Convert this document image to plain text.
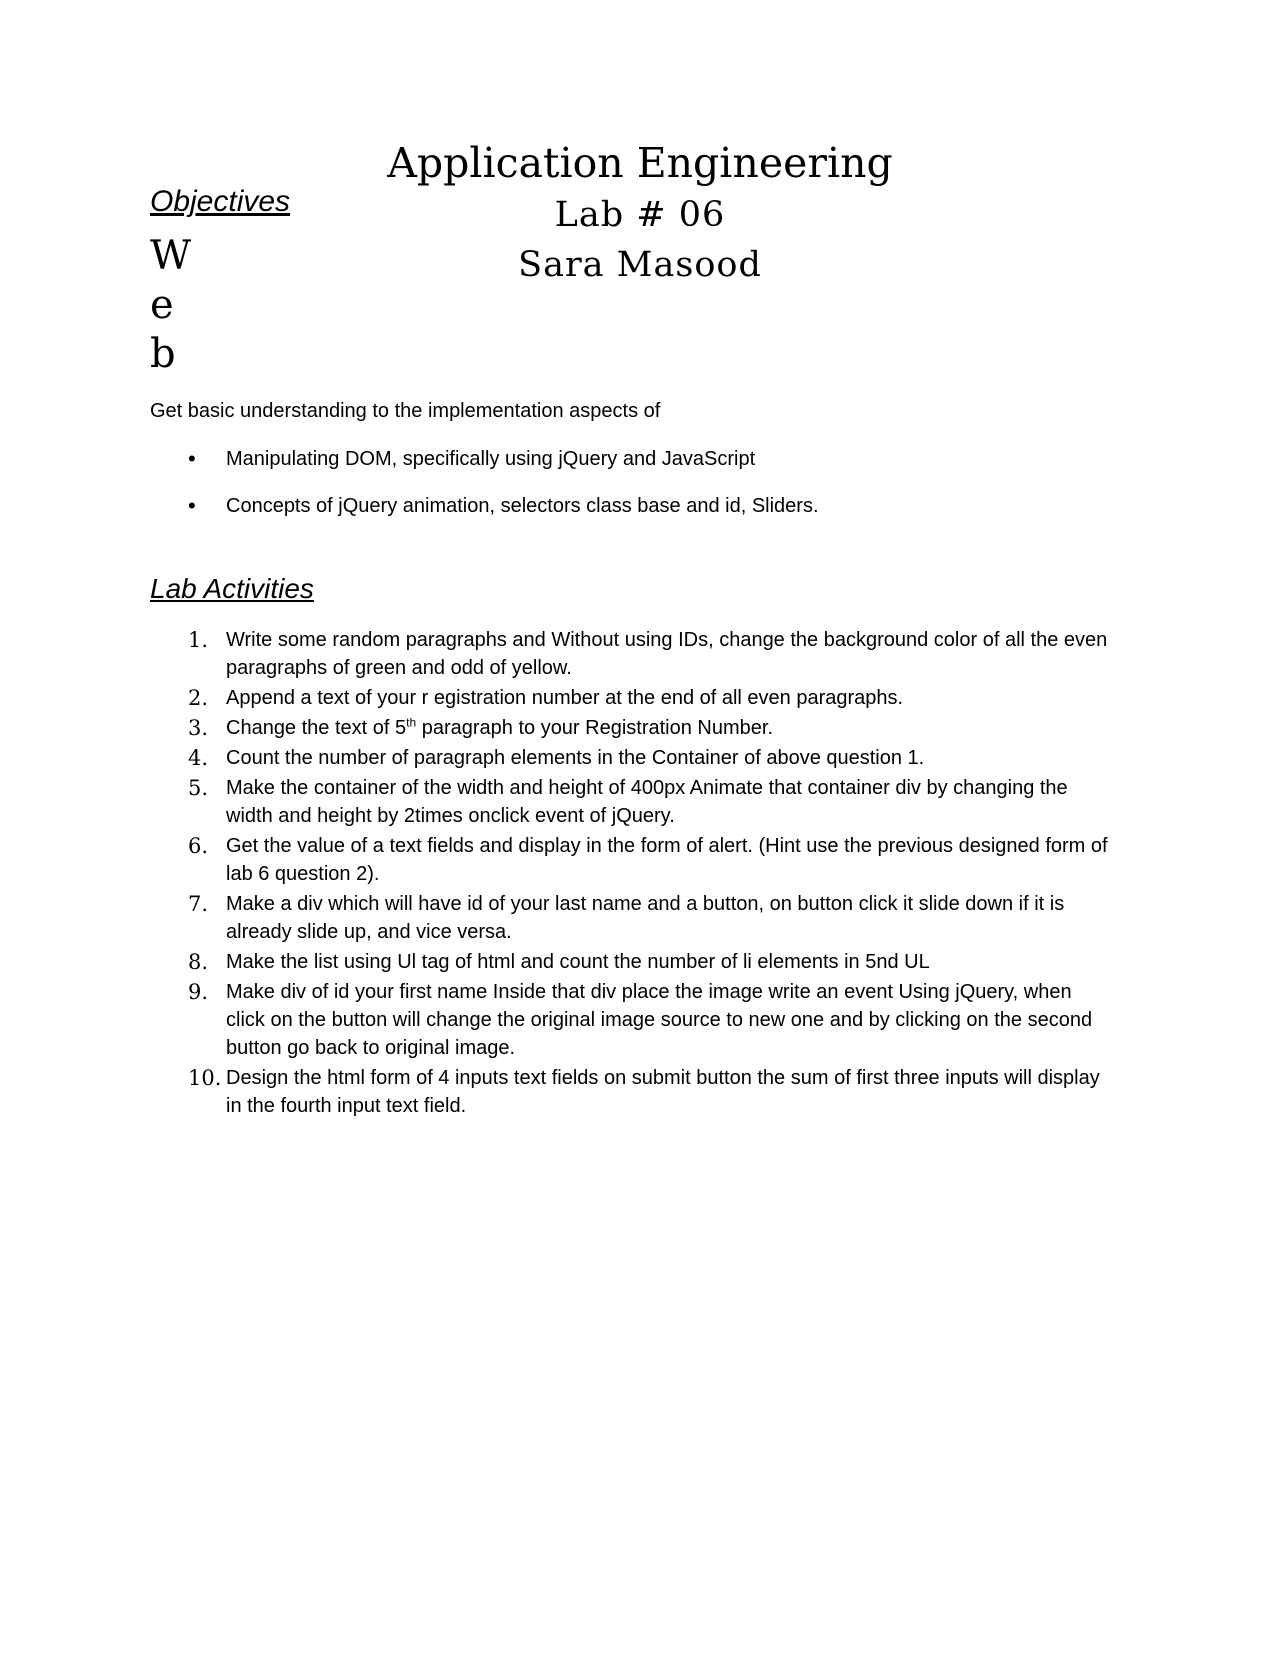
Application Engineering
Lab # 06
Sara Masood
Objectives
W
e
b
Get basic understanding to the implementation aspects of
• Manipulating DOM, specifically using jQuery and JavaScript
• Concepts of jQuery animation, selectors class base and id, Sliders.
Lab Activities
1. Write some random paragraphs and Without using IDs, change the background color of all the even paragraphs of green and odd of yellow.
2. Append a text of your r egistration number at the end of all even paragraphs.
3. Change the text of 5th paragraph to your Registration Number.
4. Count the number of paragraph elements in the Container of above question 1.
5. Make the container of the width and height of 400px Animate that container div by changing the width and height by 2times onclick event of jQuery.
6. Get the value of a text fields and display in the form of alert. (Hint use the previous designed form of lab 6 question 2).
7. Make a div which will have id of your last name and a button, on button click it slide down if it is already slide up, and vice versa.
8. Make the list using Ul tag of html and count the number of li elements in 5nd UL
9. Make div of id your first name Inside that div place the image write an event Using jQuery, when click on the button will change the original image source to new one and by clicking on the second button go back to original image.
10. Design the html form of 4 inputs text fields on submit button the sum of first three inputs will display in the fourth input text field.
